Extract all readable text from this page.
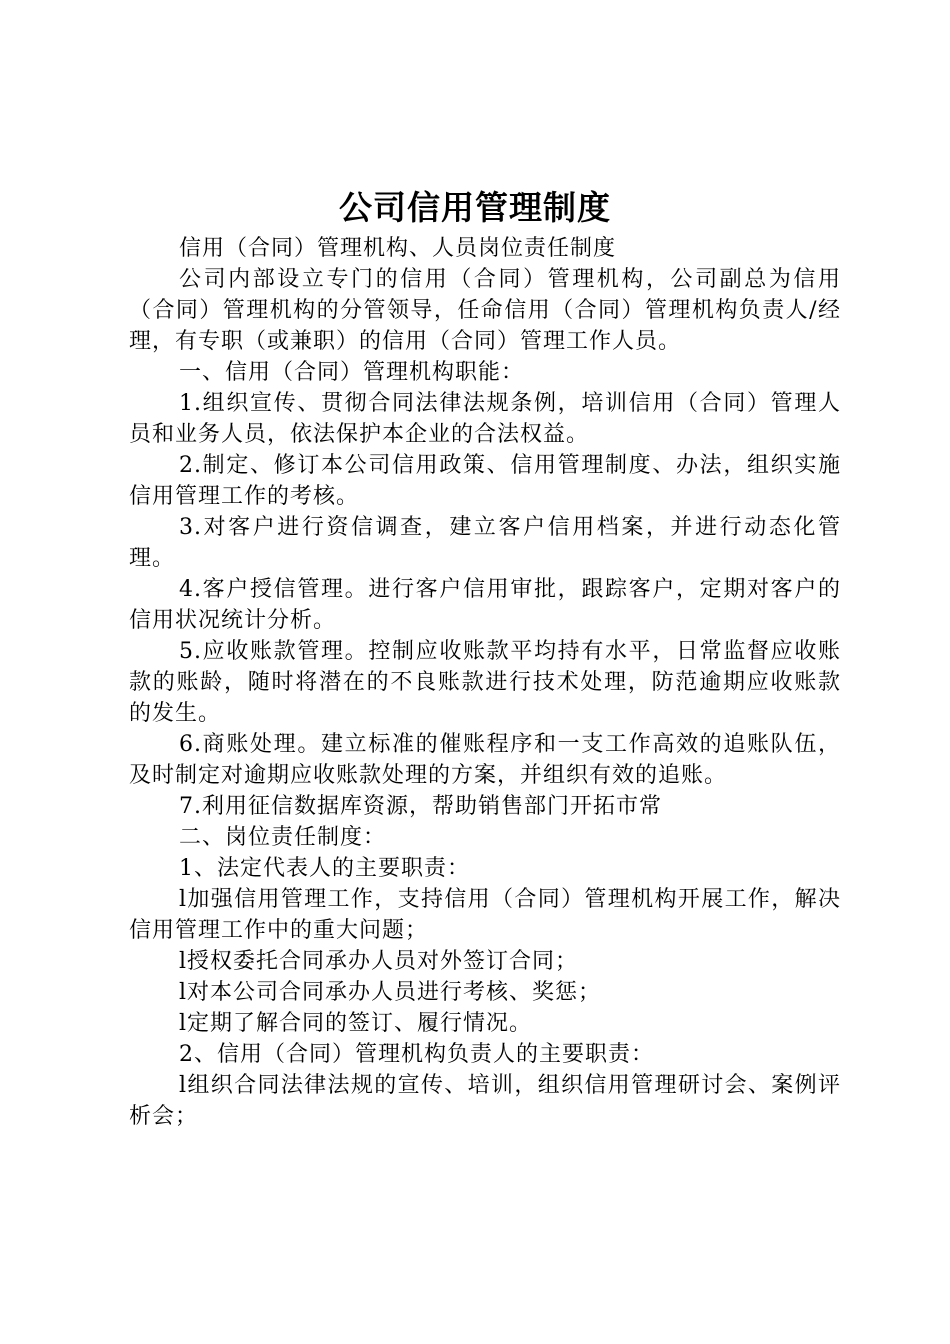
公司信用管理制度

信用（合同）管理机构、人员岗位责任制度

公司内部设立专门的信用（合同）管理机构，公司副总为信用（合同）管理机构的分管领导，任命信用（合同）管理机构负责人/经理，有专职（或兼职）的信用（合同）管理工作人员。

一、信用（合同）管理机构职能：

1.组织宣传、贯彻合同法律法规条例，培训信用（合同）管理人员和业务人员，依法保护本企业的合法权益。

2.制定、修订本公司信用政策、信用管理制度、办法，组织实施信用管理工作的考核。

3.对客户进行资信调查，建立客户信用档案，并进行动态化管理。

4.客户授信管理。进行客户信用审批，跟踪客户，定期对客户的信用状况统计分析。

5.应收账款管理。控制应收账款平均持有水平，日常监督应收账款的账龄，随时将潜在的不良账款进行技术处理，防范逾期应收账款的发生。

6.商账处理。建立标准的催账程序和一支工作高效的追账队伍，及时制定对逾期应收账款处理的方案，并组织有效的追账。

7.利用征信数据库资源，帮助销售部门开拓市常

二、岗位责任制度：

1、法定代表人的主要职责：

l加强信用管理工作，支持信用（合同）管理机构开展工作，解决信用管理工作中的重大问题；

l授权委托合同承办人员对外签订合同；

l对本公司合同承办人员进行考核、奖惩；

l定期了解合同的签订、履行情况。

2、信用（合同）管理机构负责人的主要职责：

l组织合同法律法规的宣传、培训，组织信用管理研讨会、案例评析会；
